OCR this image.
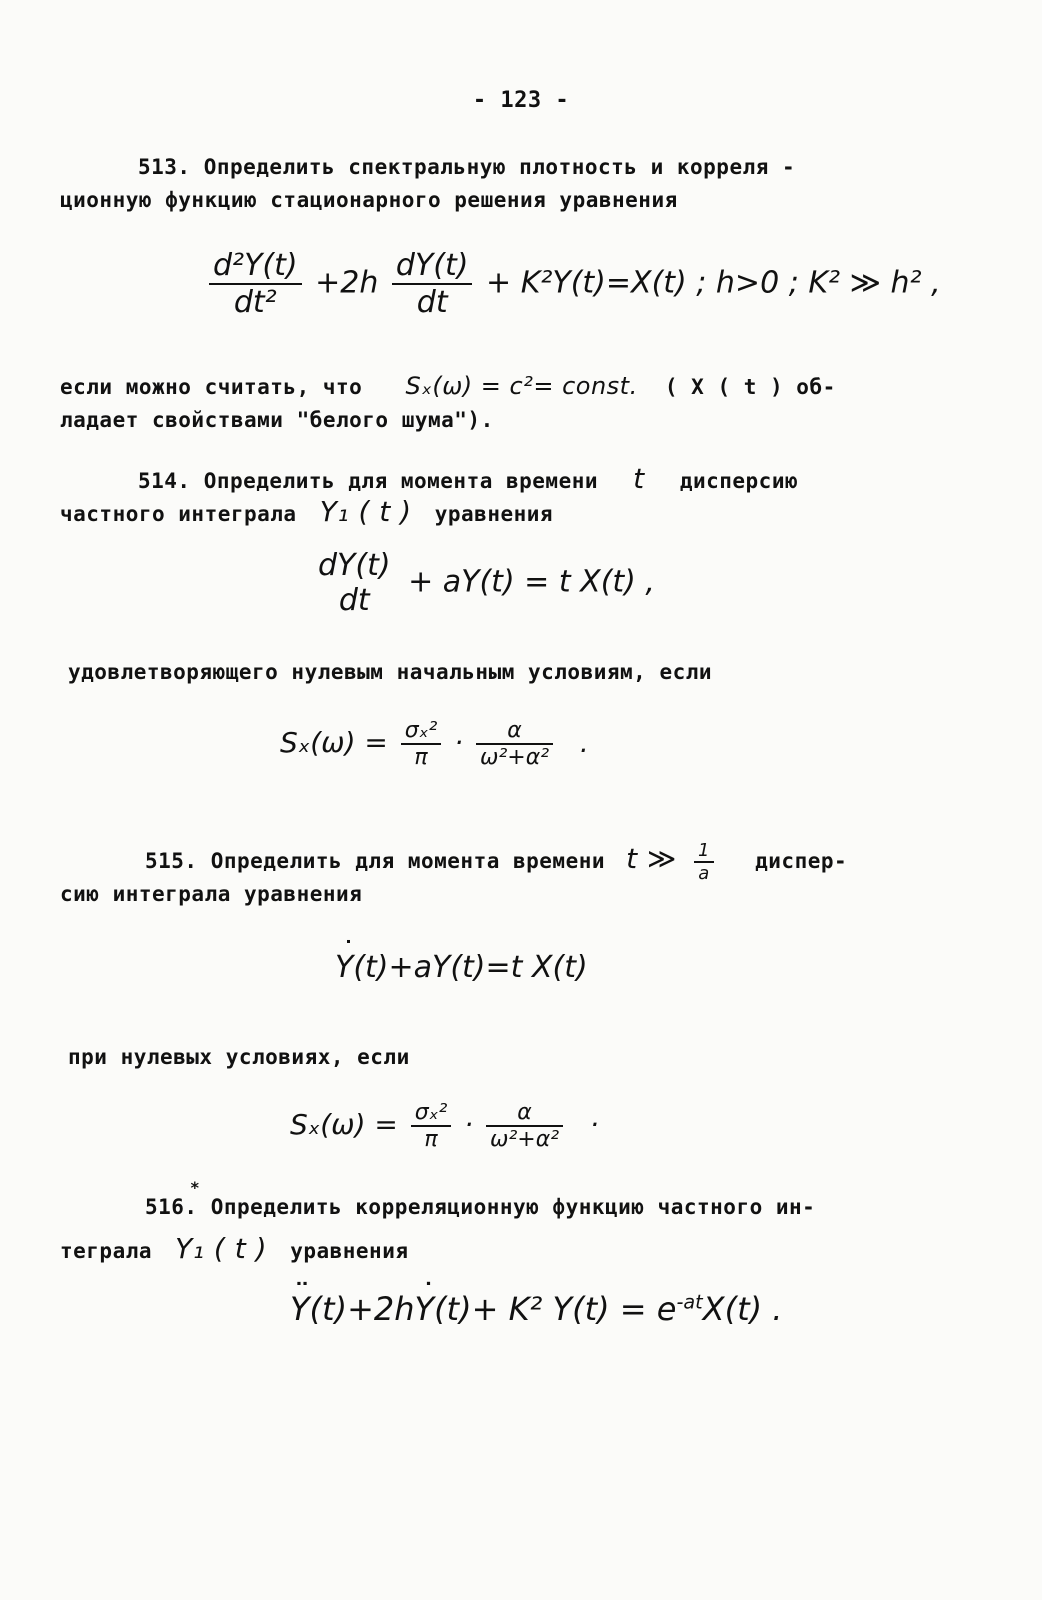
- 123 -
513. Определить спектральную плотность и корреля -
ционную функцию стационарного решения уравнения
$\frac{\text{d²Y(t)}}{\text{dt²}} +2h \frac{dY(t)}{dt} + K^2Y(t)=X(t)$ ; h>0 ; K² ≫ h² ,
если можно считать, что Sₓ(ω) = c²= const. ( X ( t ) об-
ладает свойствами "белого шума").
514. Определить для момента времени t дисперсию
частного интеграла Y₁ ( t ) уравнения
dY(t)
dt
+ aY(t) = t X(t) ,
удовлетворяющего нулевым начальным условиям, если
$S_x(\omega) = \frac{\text{σₓ²}}{\pi} \cdot \frac{\alpha}{\text{ω²+α²}}$ .
515. Определить для момента времени t ≫ $\frac{1}{a}$ диспер-
сию интеграла уравнения
˙ Y(t)+aY(t)=t X(t)
при нулевых условиях, если
$S_x(\omega) = \frac{\text{σₓ²}}{\pi} \cdot \frac{\alpha}{\text{ω²+α²}}$ ·
*
516. Определить корреляционную функцию частного ин-
теграла Y₁ ( t ) уравнения
¨ Y(t)+2h˙ Y(t)+ K² $Y(t) = e^{-at}X(t)$ .
